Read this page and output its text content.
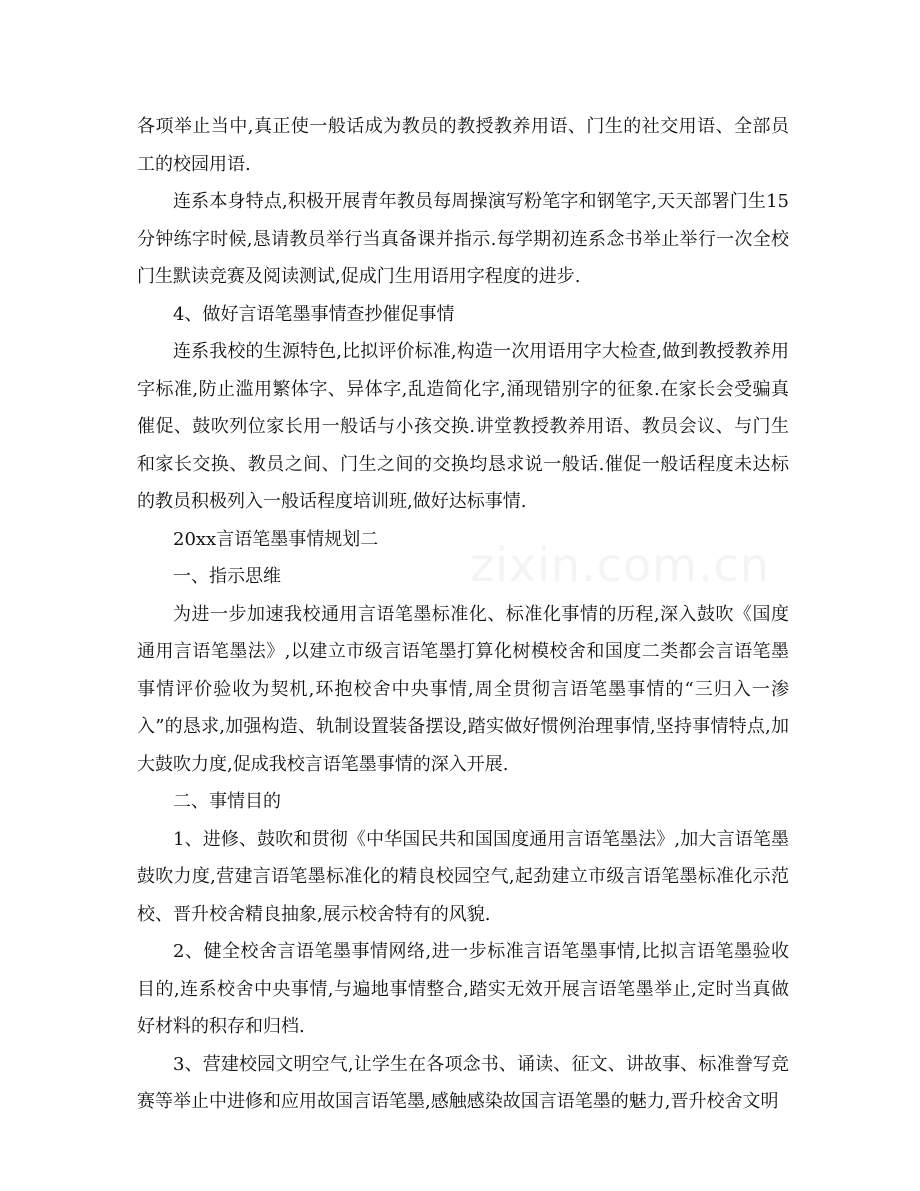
zixin.com.cn

各项举止当中,真正使一般话成为教员的教授教养用语、门生的社交用语、全部员工的校园用语.

连系本身特点,积极开展青年教员每周操演写粉笔字和钢笔字,天天部署门生15分钟练字时候,恳请教员举行当真备课并指示.每学期初连系念书举止举行一次全校门生默读竞赛及阅读测试,促成门生用语用字程度的进步.

4、做好言语笔墨事情查抄催促事情

连系我校的生源特色,比拟评价标准,构造一次用语用字大检查,做到教授教养用字标准,防止滥用繁体字、异体字,乱造简化字,涌现错别字的征象.在家长会受骗真催促、鼓吹列位家长用一般话与小孩交换.讲堂教授教养用语、教员会议、与门生和家长交换、教员之间、门生之间的交换均恳求说一般话.催促一般话程度未达标的教员积极列入一般话程度培训班,做好达标事情.

20xx言语笔墨事情规划二

一、指示思维

为进一步加速我校通用言语笔墨标准化、标准化事情的历程,深入鼓吹《国度通用言语笔墨法》,以建立市级言语笔墨打算化树模校舍和国度二类都会言语笔墨事情评价验收为契机,环抱校舍中央事情,周全贯彻言语笔墨事情的“三归入一渗入”的恳求,加强构造、轨制设置装备摆设,踏实做好惯例治理事情,坚持事情特点,加大鼓吹力度,促成我校言语笔墨事情的深入开展.

二、事情目的

1、进修、鼓吹和贯彻《中华国民共和国国度通用言语笔墨法》,加大言语笔墨鼓吹力度,营建言语笔墨标准化的精良校园空气,起劲建立市级言语笔墨标准化示范校、晋升校舍精良抽象,展示校舍特有的风貌.

2、健全校舍言语笔墨事情网络,进一步标准言语笔墨事情,比拟言语笔墨验收目的,连系校舍中央事情,与遍地事情整合,踏实无效开展言语笔墨举止,定时当真做好材料的积存和归档.

3、营建校园文明空气,让学生在各项念书、诵读、征文、讲故事、标准誊写竞赛等举止中进修和应用故国言语笔墨,感触感染故国言语笔墨的魅力,晋升校舍文明
